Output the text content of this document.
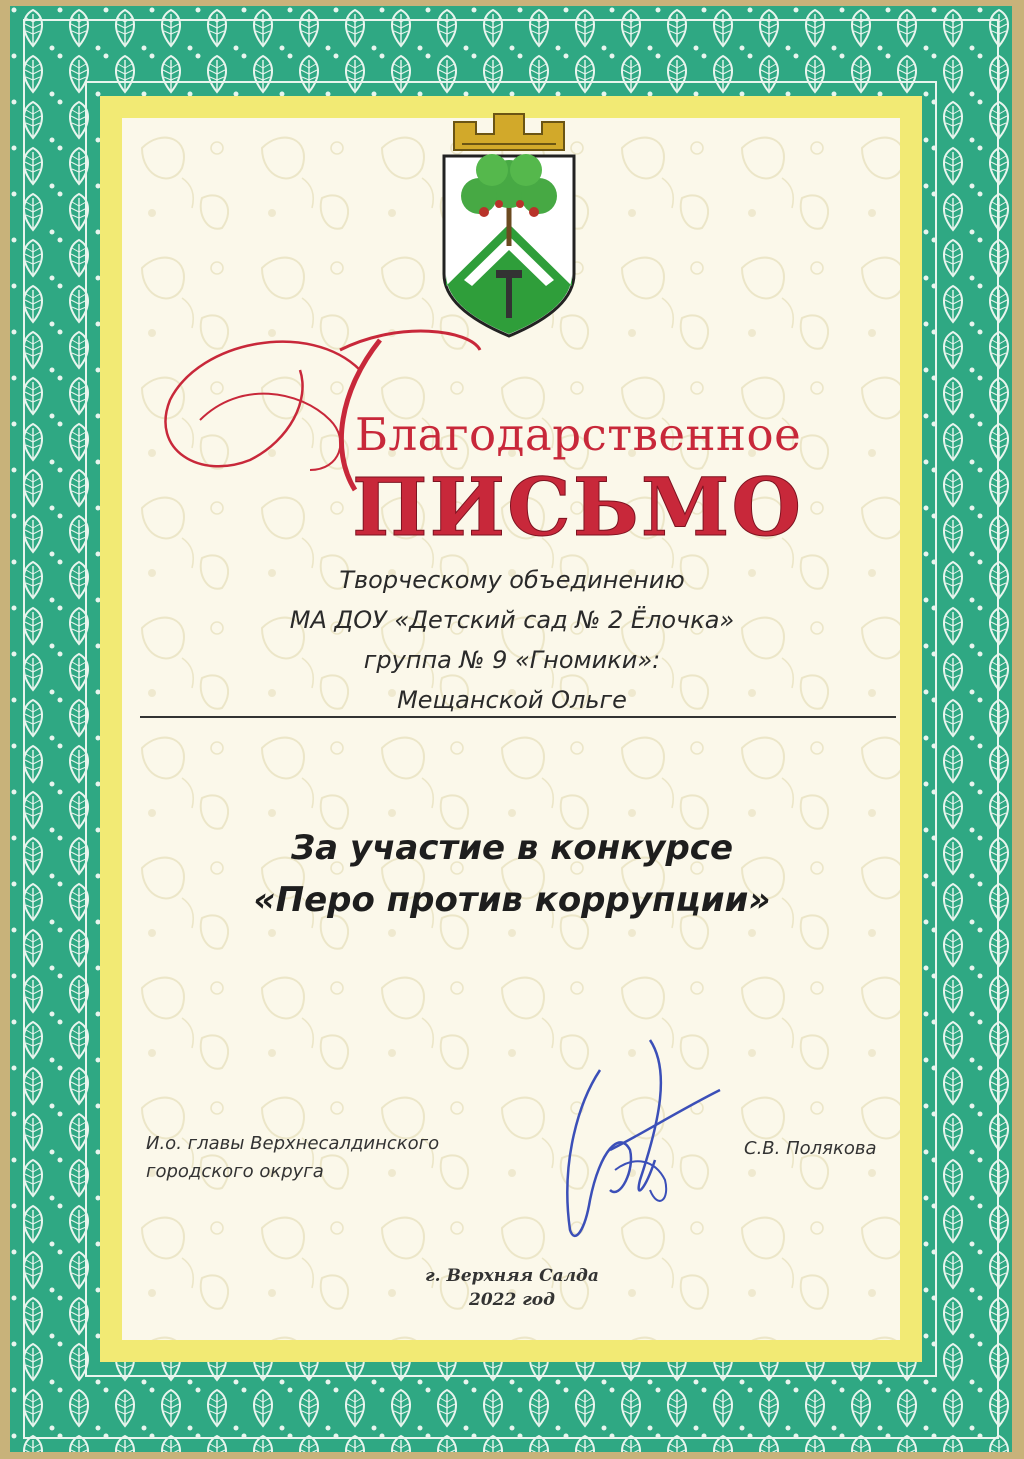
Благодарственное
ПИСЬМО
Творческому объединению
МА ДОУ «Детский сад № 2 Ёлочка»
группа № 9 «Гномики»:
Мещанской Ольге
За участие в конкурсе
«Перо против коррупции»
И.о. главы Верхнесалдинского
городского округа
С.В. Полякова
г. Верхняя Салда
2022 год
